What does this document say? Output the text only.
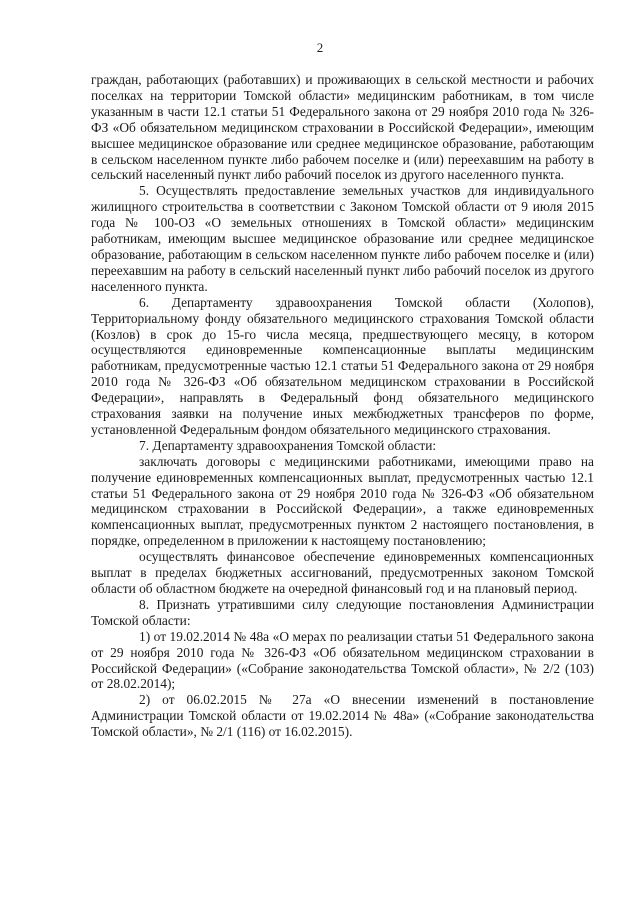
2

граждан, работающих (работавших) и проживающих в сельской местности и рабочих поселках на территории Томской области» медицинским работникам, в том числе указанным в части 12.1 статьи 51 Федерального закона от 29 ноября 2010 года № 326-ФЗ «Об обязательном медицинском страховании в Российской Федерации», имеющим высшее медицинское образование или среднее медицинское образование, работающим в сельском населенном пункте либо рабочем поселке и (или) переехавшим на работу в сельский населенный пункт либо рабочий поселок из другого населенного пункта.

5. Осуществлять предоставление земельных участков для индивидуального жилищного строительства в соответствии с Законом Томской области от 9 июля 2015 года № 100-ОЗ «О земельных отношениях в Томской области» медицинским работникам, имеющим высшее медицинское образование или среднее медицинское образование, работающим в сельском населенном пункте либо рабочем поселке и (или) переехавшим на работу в сельский населенный пункт либо рабочий поселок из другого населенного пункта.

6. Департаменту здравоохранения Томской области (Холопов), Территориальному фонду обязательного медицинского страхования Томской области (Козлов) в срок до 15-го числа месяца, предшествующего месяцу, в котором осуществляются единовременные компенсационные выплаты медицинским работникам, предусмотренные частью 12.1 статьи 51 Федерального закона от 29 ноября 2010 года № 326-ФЗ «Об обязательном медицинском страховании в Российской Федерации», направлять в Федеральный фонд обязательного медицинского страхования заявки на получение иных межбюджетных трансферов по форме, установленной Федеральным фондом обязательного медицинского страхования.

7. Департаменту здравоохранения Томской области:

заключать договоры с медицинскими работниками, имеющими право на получение единовременных компенсационных выплат, предусмотренных частью 12.1 статьи 51 Федерального закона от 29 ноября 2010 года № 326-ФЗ «Об обязательном медицинском страховании в Российской Федерации», а также единовременных компенсационных выплат, предусмотренных пунктом 2 настоящего постановления, в порядке, определенном в приложении к настоящему постановлению;

осуществлять финансовое обеспечение единовременных компенсационных выплат в пределах бюджетных ассигнований, предусмотренных законом Томской области об областном бюджете на очередной финансовый год и на плановый период.

8. Признать утратившими силу следующие постановления Администрации Томской области:

1) от 19.02.2014 № 48а «О мерах по реализации статьи 51 Федерального закона от 29 ноября 2010 года № 326-ФЗ «Об обязательном медицинском страховании в Российской Федерации» («Собрание законодательства Томской области», № 2/2 (103) от 28.02.2014);

2) от 06.02.2015 № 27а «О внесении изменений в постановление Администрации Томской области от 19.02.2014 № 48а» («Собрание законодательства Томской области», № 2/1 (116) от 16.02.2015).
